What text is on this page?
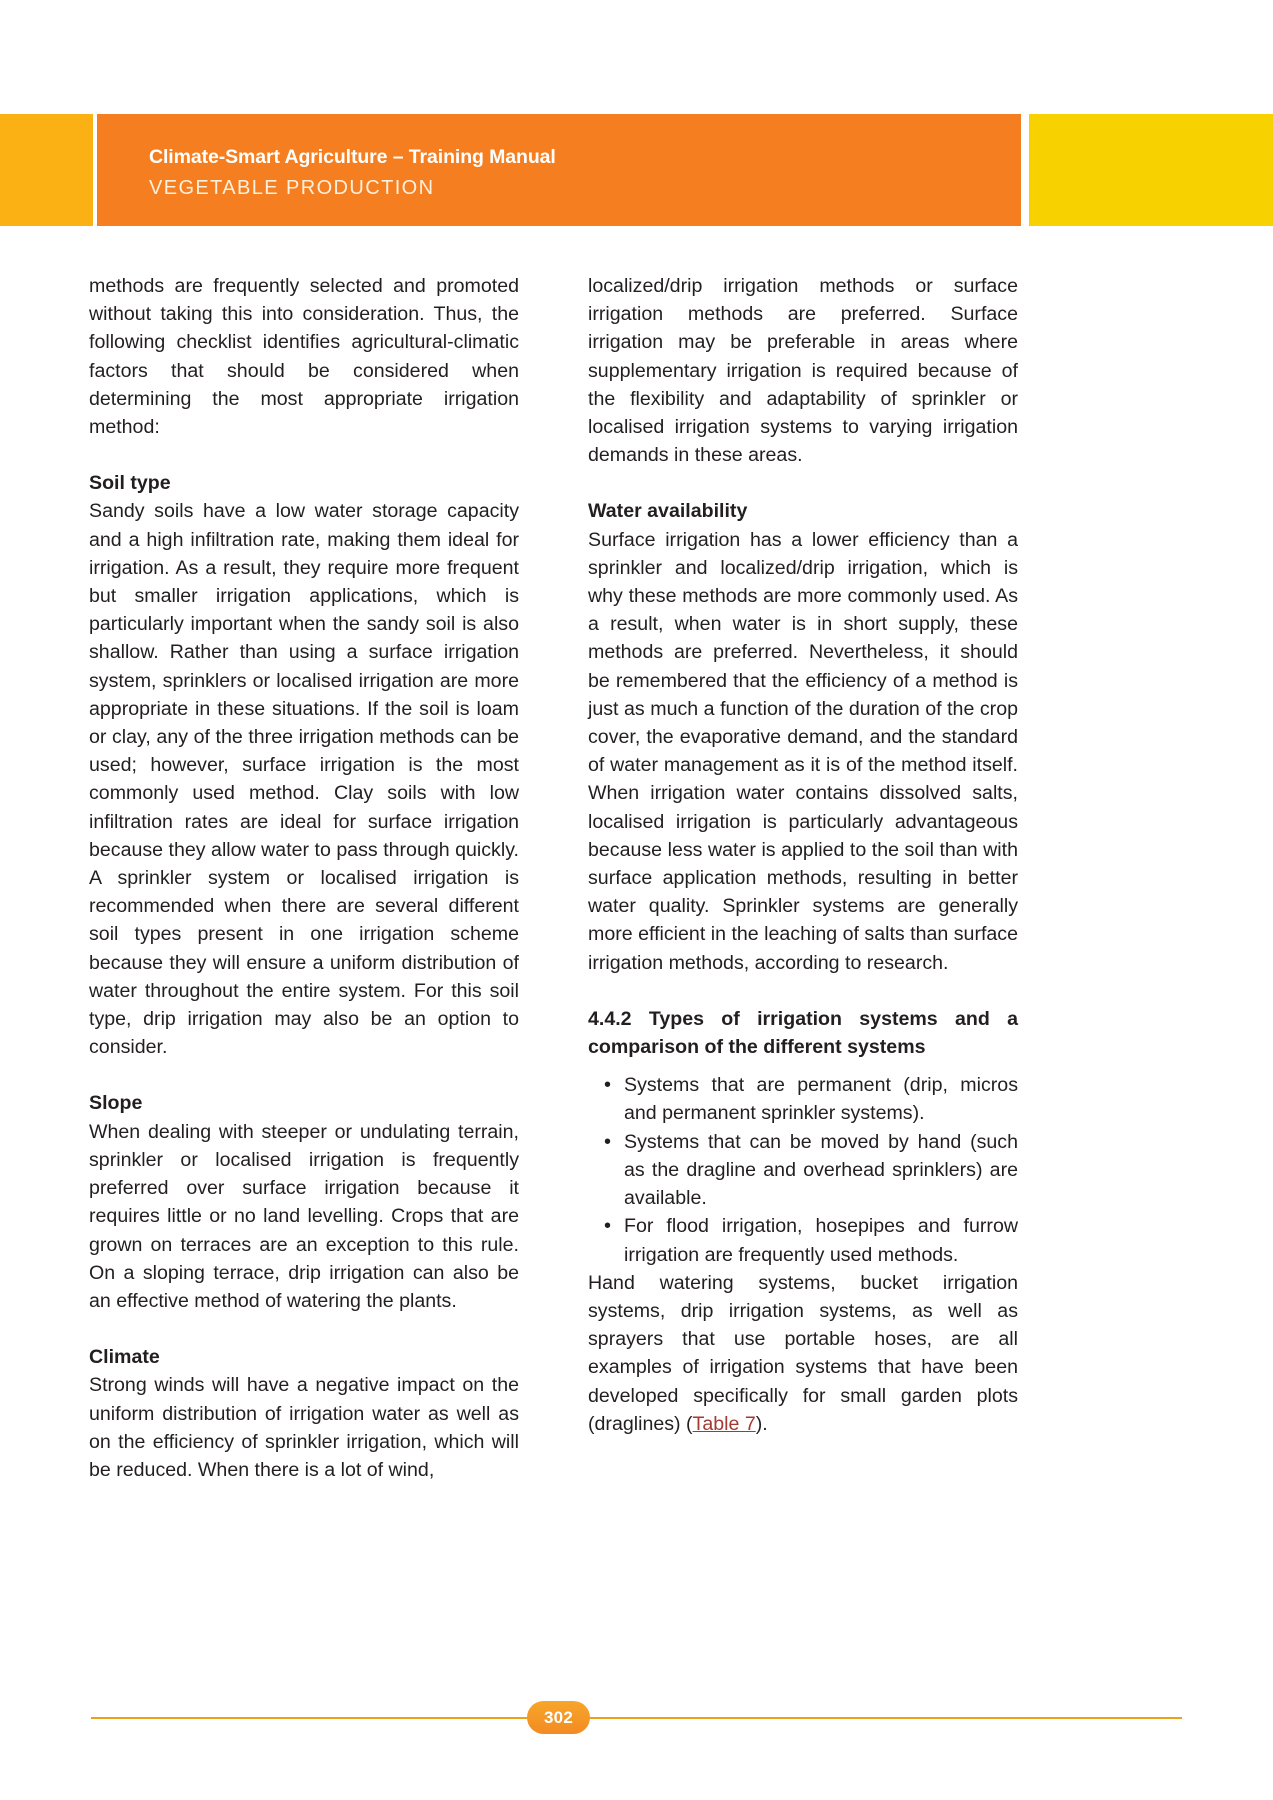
Climate-Smart Agriculture – Training Manual
VEGETABLE PRODUCTION

methods are frequently selected and promoted without taking this into consideration. Thus, the following checklist identifies agricultural-climatic factors that should be considered when determining the most appropriate irrigation method:

Soil type

Sandy soils have a low water storage capacity and a high infiltration rate, making them ideal for irrigation. As a result, they require more frequent but smaller irrigation applications, which is particularly important when the sandy soil is also shallow. Rather than using a surface irrigation system, sprinklers or localised irrigation are more appropriate in these situations. If the soil is loam or clay, any of the three irrigation methods can be used; however, surface irrigation is the most commonly used method. Clay soils with low infiltration rates are ideal for surface irrigation because they allow water to pass through quickly. A sprinkler system or localised irrigation is recommended when there are several different soil types present in one irrigation scheme because they will ensure a uniform distribution of water throughout the entire system. For this soil type, drip irrigation may also be an option to consider.

Slope

When dealing with steeper or undulating terrain, sprinkler or localised irrigation is frequently preferred over surface irrigation because it requires little or no land levelling. Crops that are grown on terraces are an exception to this rule. On a sloping terrace, drip irrigation can also be an effective method of watering the plants.

Climate

Strong winds will have a negative impact on the uniform distribution of irrigation water as well as on the efficiency of sprinkler irrigation, which will be reduced. When there is a lot of wind,

localized/drip irrigation methods or surface irrigation methods are preferred. Surface irrigation may be preferable in areas where supplementary irrigation is required because of the flexibility and adaptability of sprinkler or localised irrigation systems to varying irrigation demands in these areas.

Water availability

Surface irrigation has a lower efficiency than a sprinkler and localized/drip irrigation, which is why these methods are more commonly used. As a result, when water is in short supply, these methods are preferred. Nevertheless, it should be remembered that the efficiency of a method is just as much a function of the duration of the crop cover, the evaporative demand, and the standard of water management as it is of the method itself. When irrigation water contains dissolved salts, localised irrigation is particularly advantageous because less water is applied to the soil than with surface application methods, resulting in better water quality. Sprinkler systems are generally more efficient in the leaching of salts than surface irrigation methods, according to research.

4.4.2 Types of irrigation systems and a comparison of the different systems
• Systems that are permanent (drip, micros and permanent sprinkler systems).
• Systems that can be moved by hand (such as the dragline and overhead sprinklers) are available.
• For flood irrigation, hosepipes and furrow irrigation are frequently used methods.

Hand watering systems, bucket irrigation systems, drip irrigation systems, as well as sprayers that use portable hoses, are all examples of irrigation systems that have been developed specifically for small garden plots (draglines) (Table 7).

302
